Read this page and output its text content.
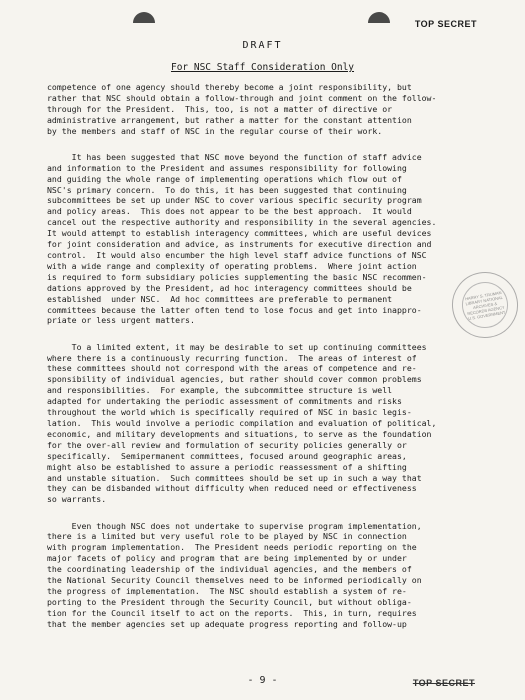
TOP SECRET
DRAFT
For NSC Staff Consideration Only
competence of one agency should thereby become a joint responsibility, but
rather that NSC should obtain a follow-through and joint comment on the follow-
through for the President.  This, too, is not a matter of directive or
administrative arrangement, but rather a matter for the constant attention
by the members and staff of NSC in the regular course of their work.
It has been suggested that NSC move beyond the function of staff advice
and information to the President and assumes responsibility for following
and guiding the whole range of implementing operations which flow out of
NSC's primary concern.  To do this, it has been suggested that continuing
subcommittees be set up under NSC to cover various specific security program
and policy areas.  This does not appear to be the best approach.  It would
cancel out the respective authority and responsibility in the several agencies.
It would attempt to establish interagency committees, which are useful devices
for joint consideration and advice, as instruments for executive direction and
control.  It would also encumber the high level staff advice functions of NSC
with a wide range and complexity of operating problems.  Where joint action
is required to form subsidiary policies supplementing the basic NSC recommen-
dations approved by the President, ad hoc interagency committees should be
established  under NSC.  Ad hoc committees are preferable to permanent
committees because the latter often tend to lose focus and get into inappro-
priate or less urgent matters.
To a limited extent, it may be desirable to set up continuing committees
where there is a continuously recurring function.  The areas of interest of
these committees should not correspond with the areas of competence and re-
sponsibility of individual agencies, but rather should cover common problems
and responsibilities.  For example, the subcommittee structure is well
adapted for undertaking the periodic assessment of commitments and risks
throughout the world which is specifically required of NSC in basic legis-
lation.  This would involve a periodic compilation and evaluation of political,
economic, and military developments and situations, to serve as the foundation
for the over-all review and formulation of security policies generally or
specifically.  Semipermanent committees, focused around geographic areas,
might also be established to assure a periodic reassessment of a shifting
and unstable situation.  Such committees should be set up in such a way that
they can be disbanded without difficulty when reduced need or effectiveness
so warrants.
Even though NSC does not undertake to supervise program implementation,
there is a limited but very useful role to be played by NSC in connection
with program implementation.  The President needs periodic reporting on the
major facets of policy and program that are being implemented by or under
the coordinating leadership of the individual agencies, and the members of
the National Security Council themselves need to be informed periodically on
the progress of implementation.  The NSC should establish a system of re-
porting to the President through the Security Council, but without obliga-
tion for the Council itself to act on the reports.  This, in turn, requires
that the member agencies set up adequate progress reporting and follow-up
HARRY S. TRUMAN LIBRARY NATIONAL ARCHIVES & RECORDS AGENCY U.S. GOVERNMENT
- 9 -	TOP SECRET
